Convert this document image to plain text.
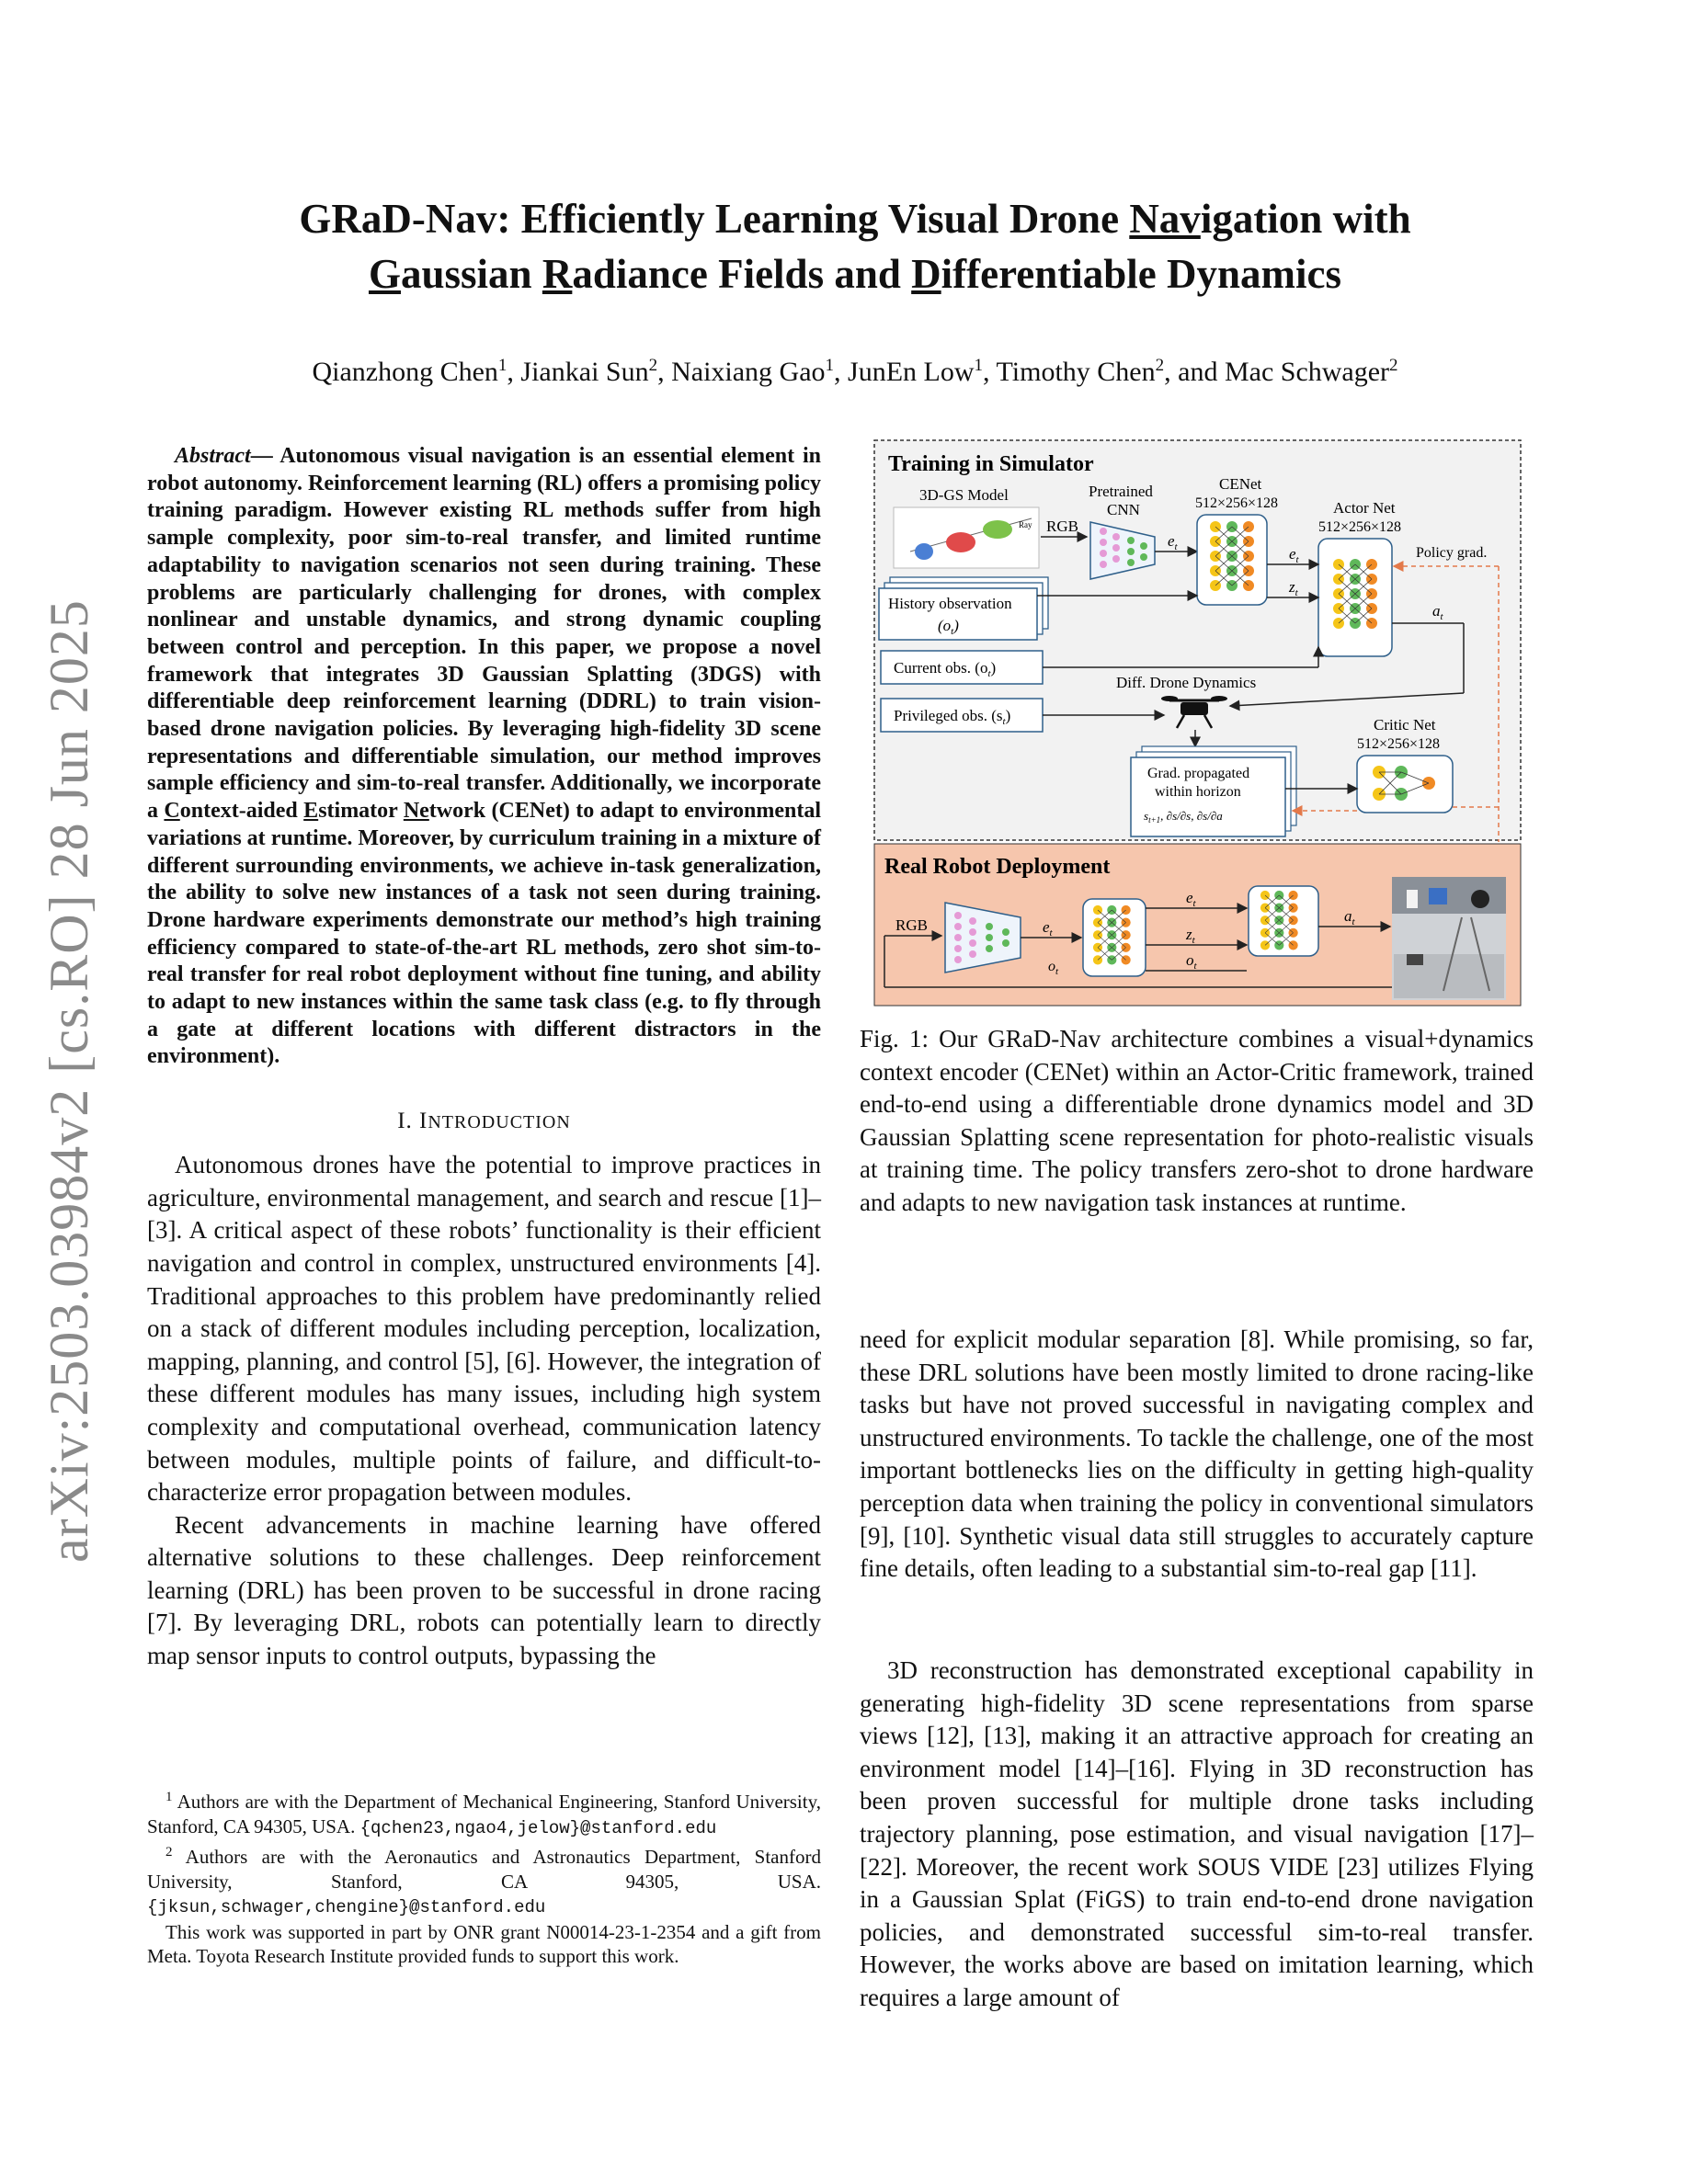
arXiv:2503.03984v2 [cs.RO] 28 Jun 2025
GRaD-Nav: Efficiently Learning Visual Drone Navigation with
Gaussian Radiance Fields and Differentiable Dynamics
Qianzhong Chen$^1$, Jiankai Sun$^2$, Naixiang Gao$^1$, JunEn Low$^1$, Timothy Chen$^2$, and Mac Schwager$^2$

Abstract— Autonomous visual navigation is an essential element in robot autonomy. Reinforcement learning (RL) offers a promising policy training paradigm. However existing RL methods suffer from high sample complexity, poor sim-to-real transfer, and limited runtime adaptability to navigation scenarios not seen during training. These problems are particularly challenging for drones, with complex nonlinear and unstable dynamics, and strong dynamic coupling between control and perception. In this paper, we propose a novel framework that integrates 3D Gaussian Splatting (3DGS) with differentiable deep reinforcement learning (DDRL) to train vision-based drone navigation policies. By leveraging high-fidelity 3D scene representations and differentiable simulation, our method improves sample efficiency and sim-to-real transfer. Additionally, we incorporate a Context-aided Estimator Network (CENet) to adapt to environmental variations at runtime. Moreover, by curriculum training in a mixture of different surrounding environments, we achieve in-task generalization, the ability to solve new instances of a task not seen during training. Drone hardware experiments demonstrate our method’s high training efficiency compared to state-of-the-art RL methods, zero shot sim-to-real transfer for real robot deployment without fine tuning, and ability to adapt to new instances within the same task class (e.g. to fly through a gate at different locations with different distractors in the environment).

I. INTRODUCTION

Autonomous drones have the potential to improve practices in agriculture, environmental management, and search and rescue [1]–[3]. A critical aspect of these robots’ functionality is their efficient navigation and control in complex, unstructured environments [4]. Traditional approaches to this problem have predominantly relied on a stack of different modules including perception, localization, mapping, planning, and control [5], [6]. However, the integration of these different modules has many issues, including high system complexity and computational overhead, communication latency between modules, multiple points of failure, and difficult-to-characterize error propagation between modules.

Recent advancements in machine learning have offered alternative solutions to these challenges. Deep reinforcement learning (DRL) has been proven to be successful in drone racing [7]. By leveraging DRL, robots can potentially learn to directly map sensor inputs to control outputs, bypassing the

$^1$ Authors are with the Department of Mechanical Engineering, Stanford University, Stanford, CA 94305, USA. {qchen23,ngao4,jelow}@stanford.edu

$^2$ Authors are with the Aeronautics and Astronautics Department, Stanford University, Stanford, CA 94305, USA. {jksun,schwager,chengine}@stanford.edu

This work was supported in part by ONR grant N00014-23-1-2354 and a gift from Meta. Toyota Research Institute provided funds to support this work.

Training in Simulator
3D-GS Model
Ray RGB
Pretrained
CNN
$e_t$
CENet
512×256×128	Actor Net
512×256×128
$e_t$
$z_t$
Policy grad.
$a_t$
History observation
$(o_t)$
Current obs. $(o_t)$
Privileged obs. $(s_t)$
Diff. Drone Dynamics
Critic Net
512×256×128
Grad. propagated
within horizon
$s_{t+1}$, ∂s/∂s, ∂s/∂a
Real Robot Deployment
RGB	$e_t$
$o_t$
$e_t$
$z_t$
$o_t$
$a_t$

Fig. 1: Our GRaD-Nav architecture combines a visual+dynamics context encoder (CENet) within an Actor-Critic framework, trained end-to-end using a differentiable drone dynamics model and 3D Gaussian Splatting scene representation for photo-realistic visuals at training time. The policy transfers zero-shot to drone hardware and adapts to new navigation task instances at runtime.

need for explicit modular separation [8]. While promising, so far, these DRL solutions have been mostly limited to drone racing-like tasks but have not proved successful in navigating complex and unstructured environments. To tackle the challenge, one of the most important bottlenecks lies on the difficulty in getting high-quality perception data when training the policy in conventional simulators [9], [10]. Synthetic visual data still struggles to accurately capture fine details, often leading to a substantial sim-to-real gap [11].

3D reconstruction has demonstrated exceptional capability in generating high-fidelity 3D scene representations from sparse views [12], [13], making it an attractive approach for creating an environment model [14]–[16]. Flying in 3D reconstruction has been proven successful for multiple drone tasks including trajectory planning, pose estimation, and visual navigation [17]–[22]. Moreover, the recent work SOUS VIDE [23] utilizes Flying in a Gaussian Splat (FiGS) to train end-to-end drone navigation policies, and demonstrated successful sim-to-real transfer. However, the works above are based on imitation learning, which requires a large amount of
